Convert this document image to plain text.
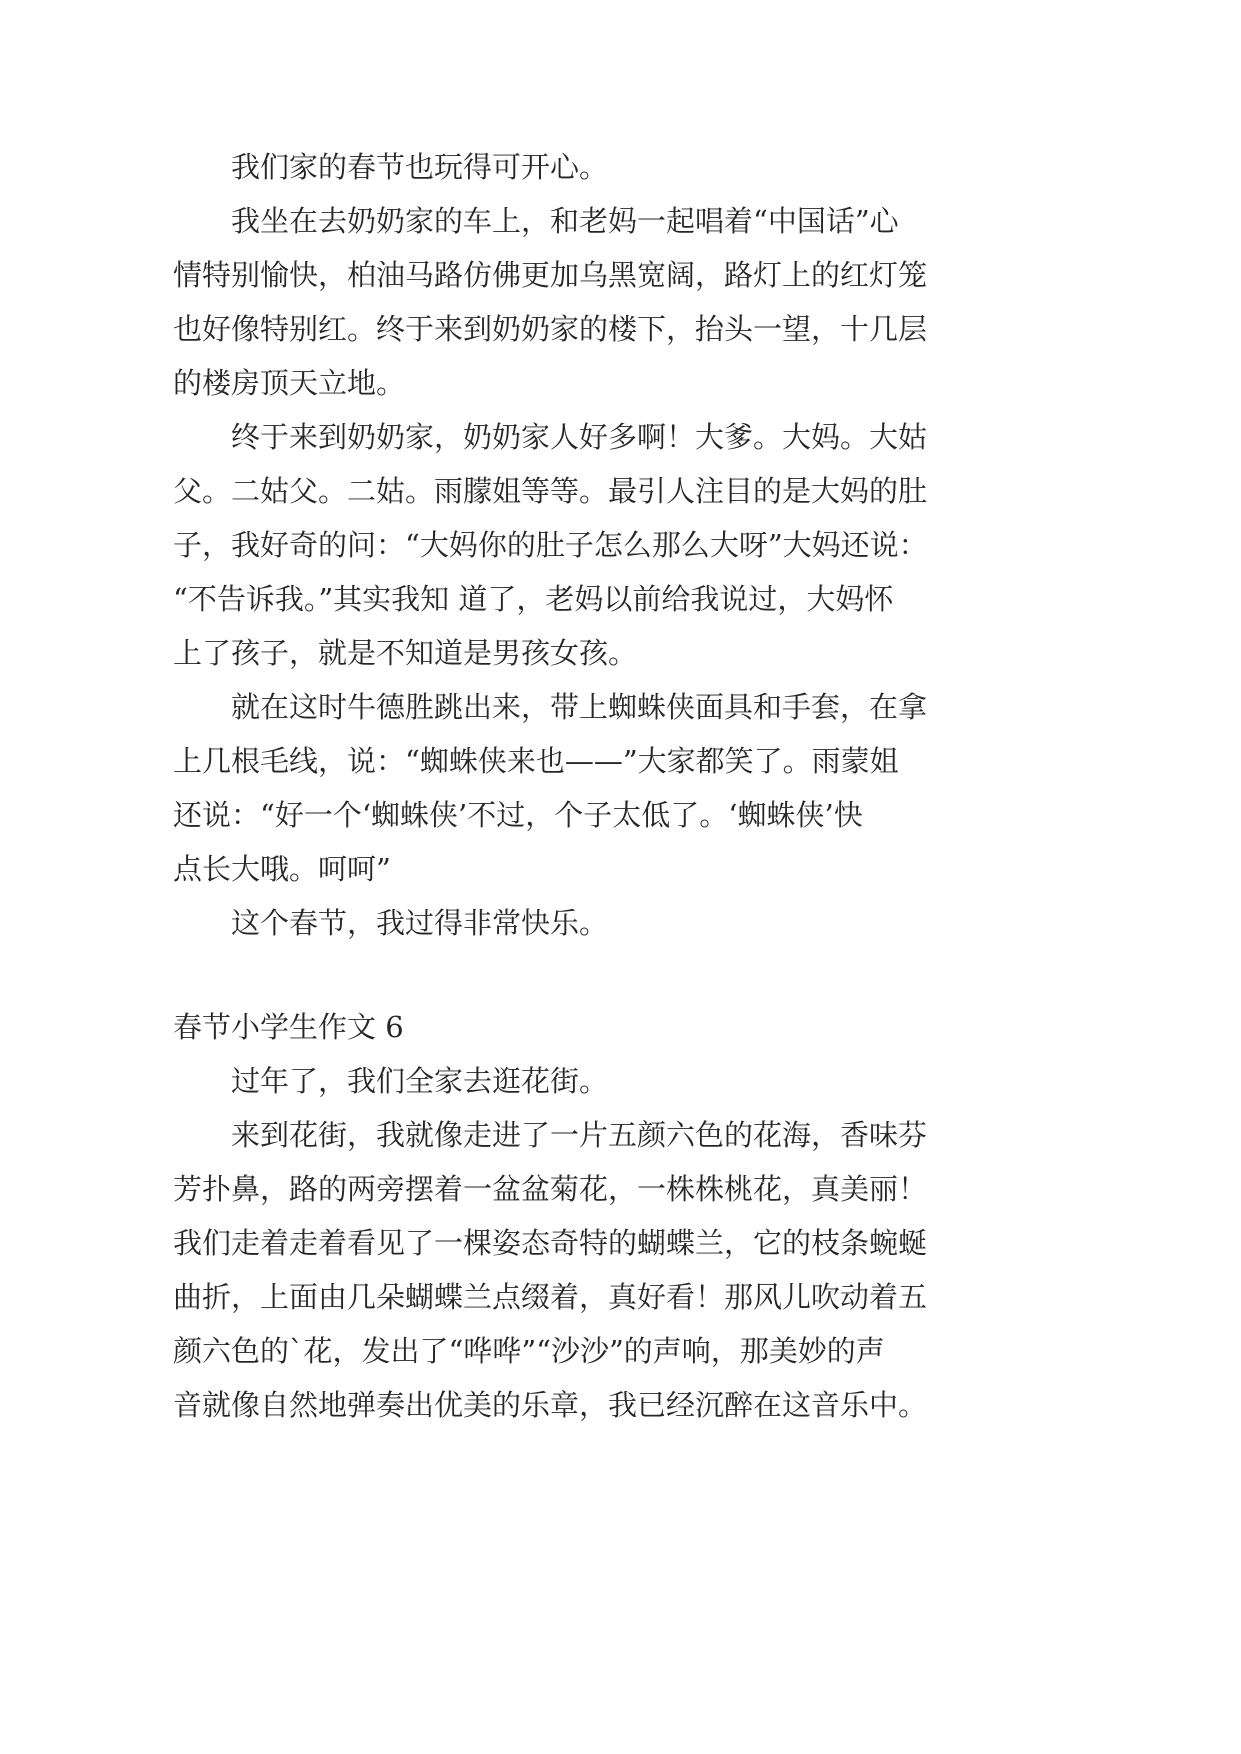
我们家的春节也玩得可开心。
我坐在去奶奶家的车上，和老妈一起唱着“中国话”心
情特别愉快，柏油马路仿佛更加乌黑宽阔，路灯上的红灯笼
也好像特别红。终于来到奶奶家的楼下，抬头一望，十几层
的楼房顶天立地。
终于来到奶奶家，奶奶家人好多啊！大爹。大妈。大姑
父。二姑父。二姑。雨朦姐等等。最引人注目的是大妈的肚
子，我好奇的问：“大妈你的肚子怎么那么大呀”大妈还说：
“不告诉我。”其实我知 道了，老妈以前给我说过，大妈怀
上了孩子，就是不知道是男孩女孩。
就在这时牛德胜跳出来，带上蜘蛛侠面具和手套，在拿
上几根毛线，说：“蜘蛛侠来也——”大家都笑了。雨蒙姐
还说：“好一个‘蜘蛛侠’不过，个子太低了。‘蜘蛛侠’快
点长大哦。呵呵”
这个春节，我过得非常快乐。
春节小学生作文 6
过年了，我们全家去逛花街。
来到花街，我就像走进了一片五颜六色的花海，香味芬
芳扑鼻，路的两旁摆着一盆盆菊花，一株株桃花，真美丽！
我们走着走着看见了一棵姿态奇特的蝴蝶兰，它的枝条蜿蜒
曲折，上面由几朵蝴蝶兰点缀着，真好看！那风儿吹动着五
颜六色的`花，发出了“哗哗”“沙沙”的声响，那美妙的声
音就像自然地弹奏出优美的乐章，我已经沉醉在这音乐中。
